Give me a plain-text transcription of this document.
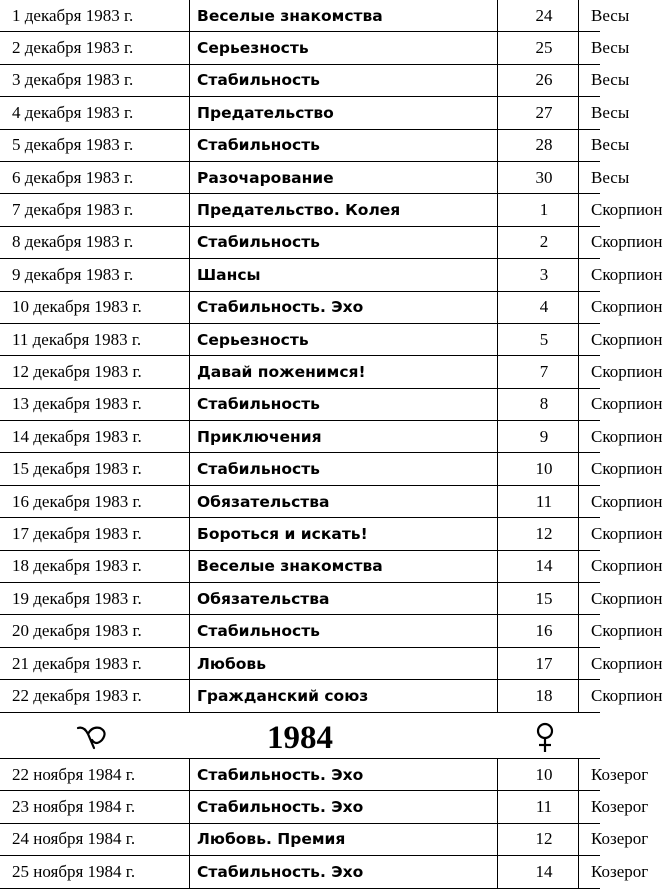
1 декабря 1983 г.	Веселые знакомства	24	Весы
2 декабря 1983 г.	Серьезность	25	Весы
3 декабря 1983 г.	Стабильность	26	Весы
4 декабря 1983 г.	Предательство	27	Весы
5 декабря 1983 г.	Стабильность	28	Весы
6 декабря 1983 г.	Разочарование	30	Весы
7 декабря 1983 г.	Предательство. Колея	1	Скорпион
8 декабря 1983 г.	Стабильность	2	Скорпион
9 декабря 1983 г.	Шансы	3	Скорпион
10 декабря 1983 г.	Стабильность. Эхо	4	Скорпион
11 декабря 1983 г.	Серьезность	5	Скорпион
12 декабря 1983 г.	Давай поженимся!	7	Скорпион
13 декабря 1983 г.	Стабильность	8	Скорпион
14 декабря 1983 г.	Приключения	9	Скорпион
15 декабря 1983 г.	Стабильность	10	Скорпион
16 декабря 1983 г.	Обязательства	11	Скорпион
17 декабря 1983 г.	Бороться и искать!	12	Скорпион
18 декабря 1983 г.	Веселые знакомства	14	Скорпион
19 декабря 1983 г.	Обязательства	15	Скорпион
20 декабря 1983 г.	Стабильность	16	Скорпион
21 декабря 1983 г.	Любовь	17	Скорпион
22 декабря 1983 г.	Гражданский союз	18	Скорпион
1984
22 ноября 1984 г.	Стабильность. Эхо	10	Козерог
23 ноября 1984 г.	Стабильность. Эхо	11	Козерог
24 ноября 1984 г.	Любовь. Премия	12	Козерог
25 ноября 1984 г.	Стабильность. Эхо	14	Козерог
